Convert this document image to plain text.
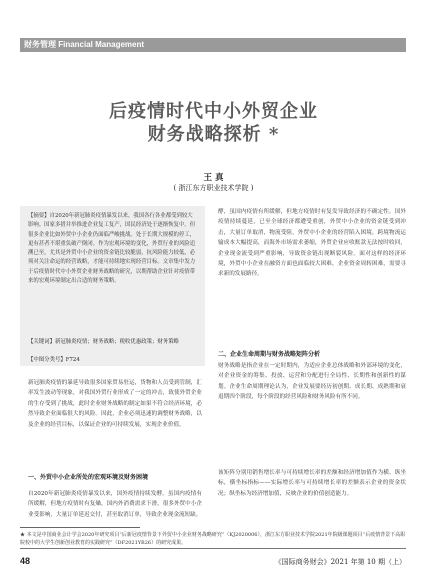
财务管理 Financial Management
后疫情时代中小外贸企业
财务战略探析 *
王 真
( 浙江东方职业技术学院 )
【摘要】自2020年新冠肺炎疫情暴发以来，我国各行各业都受到较大影响。国家多措并举推进企业复工复产，国民经济处于逐渐恢复中。但很多企业比如外贸中小企业仍面临严峻挑战。处于长期大规模的停工，更有甚者不堪重负破产倒闭。作为宏观环境的变化，外贸行业的风险追溯已至，尤其是外贸中小企业的资金链比较脆弱，抗风险能力较低，必须对关注命运的经营战略，才能可持续地实现经营目标。文章集中发力于后疫情时代中小外贸企业财务战略的研究，以期帮助企业针对疫情带来的宏观环境制定出合适的财务策略。
【关键词】新冠肺炎疫情；财务战略；税收优惠政策；财务策略
【中图分类号】F724
新冠肺炎疫情的暴延导致很多国家贸易驻运，货物和人员受到管制，汇率发生波动等现象，对我国外贸行业形成了一定的冲击，致使外贸企业的生存受到了挑战，此时企业财务战略的制定如果不符合经济环境，必然导致企业面临很大的风险。因此，企业必须迅速的调整财务战略，以及企业的经营目标，以保证企业的可持续发展，实现企业价值。
一、外贸中小企业所处的宏观环境及财务困境
自2020年新冠肺炎疫情暴发以来，国外疫情持续发酵，虽国内疫情有所缓解，但地方疫情时有复燥，国内外消费需求下滑，很多外贸中小企业受影响，大量订单延迟交付，甚至取消订单，导致企业现金流短缺。
酵，虽国内疫情有所缓解，但地方疫情时有复发导致经济的不确定性。国外疫情持续蔓延，已至全球经济都遭受重创，外贸中小企业的资金链受到冲击，大量订单取消，物流受阻，外贸中小企业的经营陷入困境。跨境物流运输成本大幅提高，而海外市场需求萎缩，外贸企业应收账款无法按时收回，企业现金流受到严重影响，导致资金链出现断裂风险。面对这样的经济环境，外贸中小企业在融资方面也面临较大困难，企业资金周转困难，需要寻求新的发展路径。
二、企业生命周期与财务战略矩阵分析
财务战略是指企业在一定时期内，为适应企业总体战略和外部环境的变化，对企业资金的筹集、投放、运营和分配进行全局性、长期性和创新性的谋划。企业生命周期理论认为，企业发展要经历初创期、成长期、成熟期和衰退期四个阶段，每个阶段的经营风险和财务风险有所不同。
该矩阵分别用销售增长率与可持续增长率的差额和经济增加值作为横、纵坐标，横坐标指标——实际增长率与可持续增长率的差额表示企业的资金状况；纵坐标为经济增加值，反映企业的价值创造能力。
★ 本文是中国商业会计学会2020年研究项目“后新冠疫情背景下外贸中小企业财务战略研究”（KJ2020006），浙江东方职业技术学院2021年院级课题项目“后疫情背景下高职院校中的大学生创新创业教育的实践研究”（DF2021YB26）的研究成果。
48	《国际商务财会》2021 年第 10 期（上）
